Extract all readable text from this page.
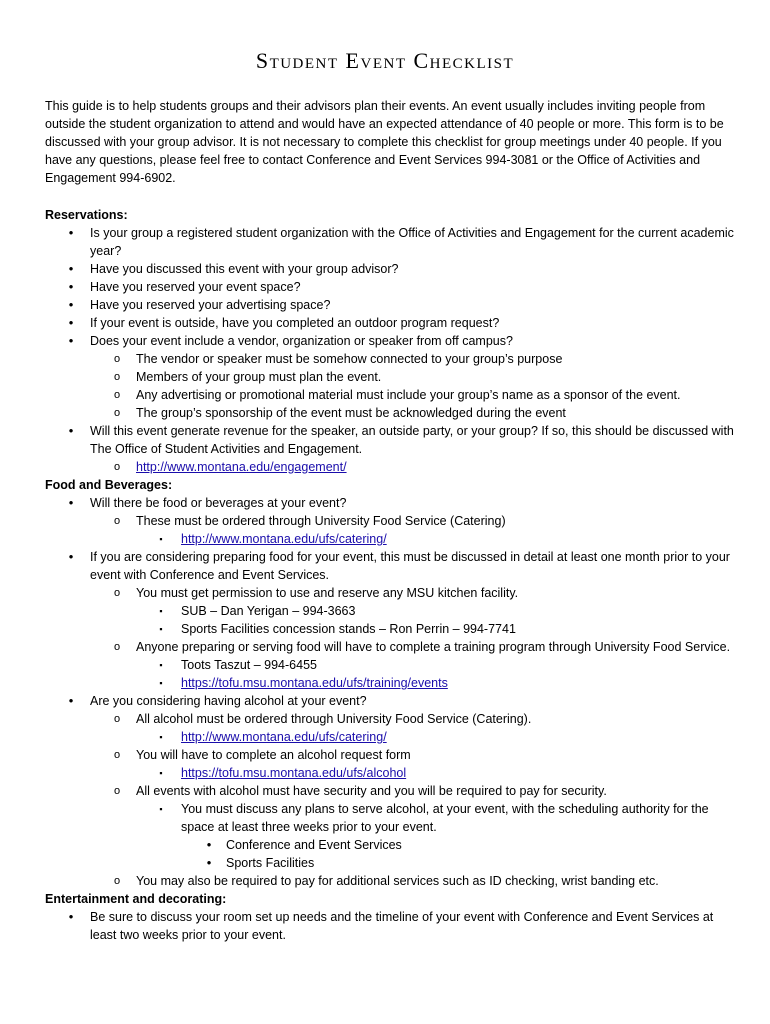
Student Event Checklist
This guide is to help students groups and their advisors plan their events. An event usually includes inviting people from outside the student organization to attend and would have an expected attendance of 40 people or more. This form is to be discussed with your group advisor. It is not necessary to complete this checklist for group meetings under 40 people. If you have any questions, please feel free to contact Conference and Event Services 994-3081 or the Office of Activities and Engagement 994-6902.
Reservations:
• Is your group a registered student organization with the Office of Activities and Engagement for the current academic year?
• Have you discussed this event with your group advisor?
• Have you reserved your event space?
• Have you reserved your advertising space?
• If your event is outside, have you completed an outdoor program request?
• Does your event include a vendor, organization or speaker from off campus?
o The vendor or speaker must be somehow connected to your group’s purpose
o Members of your group must plan the event.
o Any advertising or promotional material must include your group’s name as a sponsor of the event.
o The group’s sponsorship of the event must be acknowledged during the event
• Will this event generate revenue for the speaker, an outside party, or your group? If so, this should be discussed with The Office of Student Activities and Engagement.
o http://www.montana.edu/engagement/
Food and Beverages:
• Will there be food or beverages at your event?
o These must be ordered through University Food Service (Catering)
▪	http://www.montana.edu/ufs/catering/
• If you are considering preparing food for your event, this must be discussed in detail at least one month prior to your event with Conference and Event Services.
o You must get permission to use and reserve any MSU kitchen facility.
▪	SUB – Dan Yerigan – 994-3663
▪	Sports Facilities concession stands – Ron Perrin – 994-7741
o Anyone preparing or serving food will have to complete a training program through University Food Service.
▪	Toots Taszut – 994-6455
▪	https://tofu.msu.montana.edu/ufs/training/events
• Are you considering having alcohol at your event?
o All alcohol must be ordered through University Food Service (Catering).
▪	http://www.montana.edu/ufs/catering/
o You will have to complete an alcohol request form
▪	https://tofu.msu.montana.edu/ufs/alcohol
o All events with alcohol must have security and you will be required to pay for security.
▪	You must discuss any plans to serve alcohol, at your event, with the scheduling authority for the space at least three weeks prior to your event.
• Conference and Event Services
• Sports Facilities
o You may also be required to pay for additional services such as ID checking, wrist banding etc.
Entertainment and decorating:
• Be sure to discuss your room set up needs and the timeline of your event with Conference and Event Services at least two weeks prior to your event.
